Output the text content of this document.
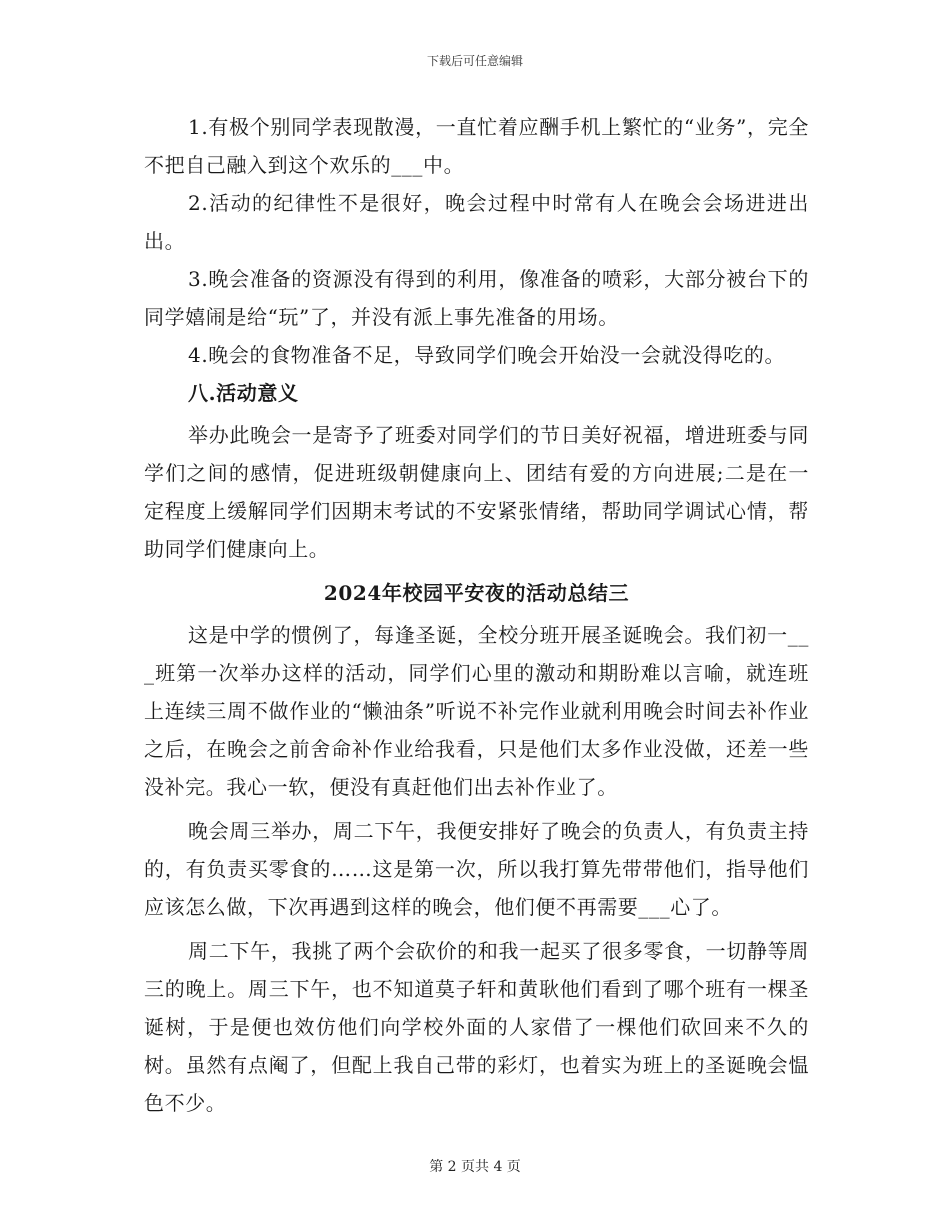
下载后可任意编辑

1.有极个别同学表现散漫，一直忙着应酬手机上繁忙的“业务”，完全不把自己融入到这个欢乐的___中。

2.活动的纪律性不是很好，晚会过程中时常有人在晚会会场进进出出。

3.晚会准备的资源没有得到的利用，像准备的喷彩，大部分被台下的同学嬉闹是给“玩”了，并没有派上事先准备的用场。

4.晚会的食物准备不足，导致同学们晚会开始没一会就没得吃的。

八.活动意义

举办此晚会一是寄予了班委对同学们的节日美好祝福，增进班委与同学们之间的感情，促进班级朝健康向上、团结有爱的方向进展;二是在一定程度上缓解同学们因期末考试的不安紧张情绪，帮助同学调试心情，帮助同学们健康向上。

2024年校园平安夜的活动总结三

这是中学的惯例了，每逢圣诞，全校分班开展圣诞晚会。我们初一___班第一次举办这样的活动，同学们心里的激动和期盼难以言喻，就连班上连续三周不做作业的“懒油条”听说不补完作业就利用晚会时间去补作业之后，在晚会之前舍命补作业给我看，只是他们太多作业没做，还差一些没补完。我心一软，便没有真赶他们出去补作业了。

晚会周三举办，周二下午，我便安排好了晚会的负责人，有负责主持的，有负责买零食的……这是第一次，所以我打算先带带他们，指导他们应该怎么做，下次再遇到这样的晚会，他们便不再需要___心了。

周二下午，我挑了两个会砍价的和我一起买了很多零食，一切静等周三的晚上。周三下午，也不知道莫子轩和黄耿他们看到了哪个班有一棵圣诞树，于是便也效仿他们向学校外面的人家借了一棵他们砍回来不久的树。虽然有点阉了，但配上我自己带的彩灯，也着实为班上的圣诞晚会愠色不少。

第 2 页共 4 页
